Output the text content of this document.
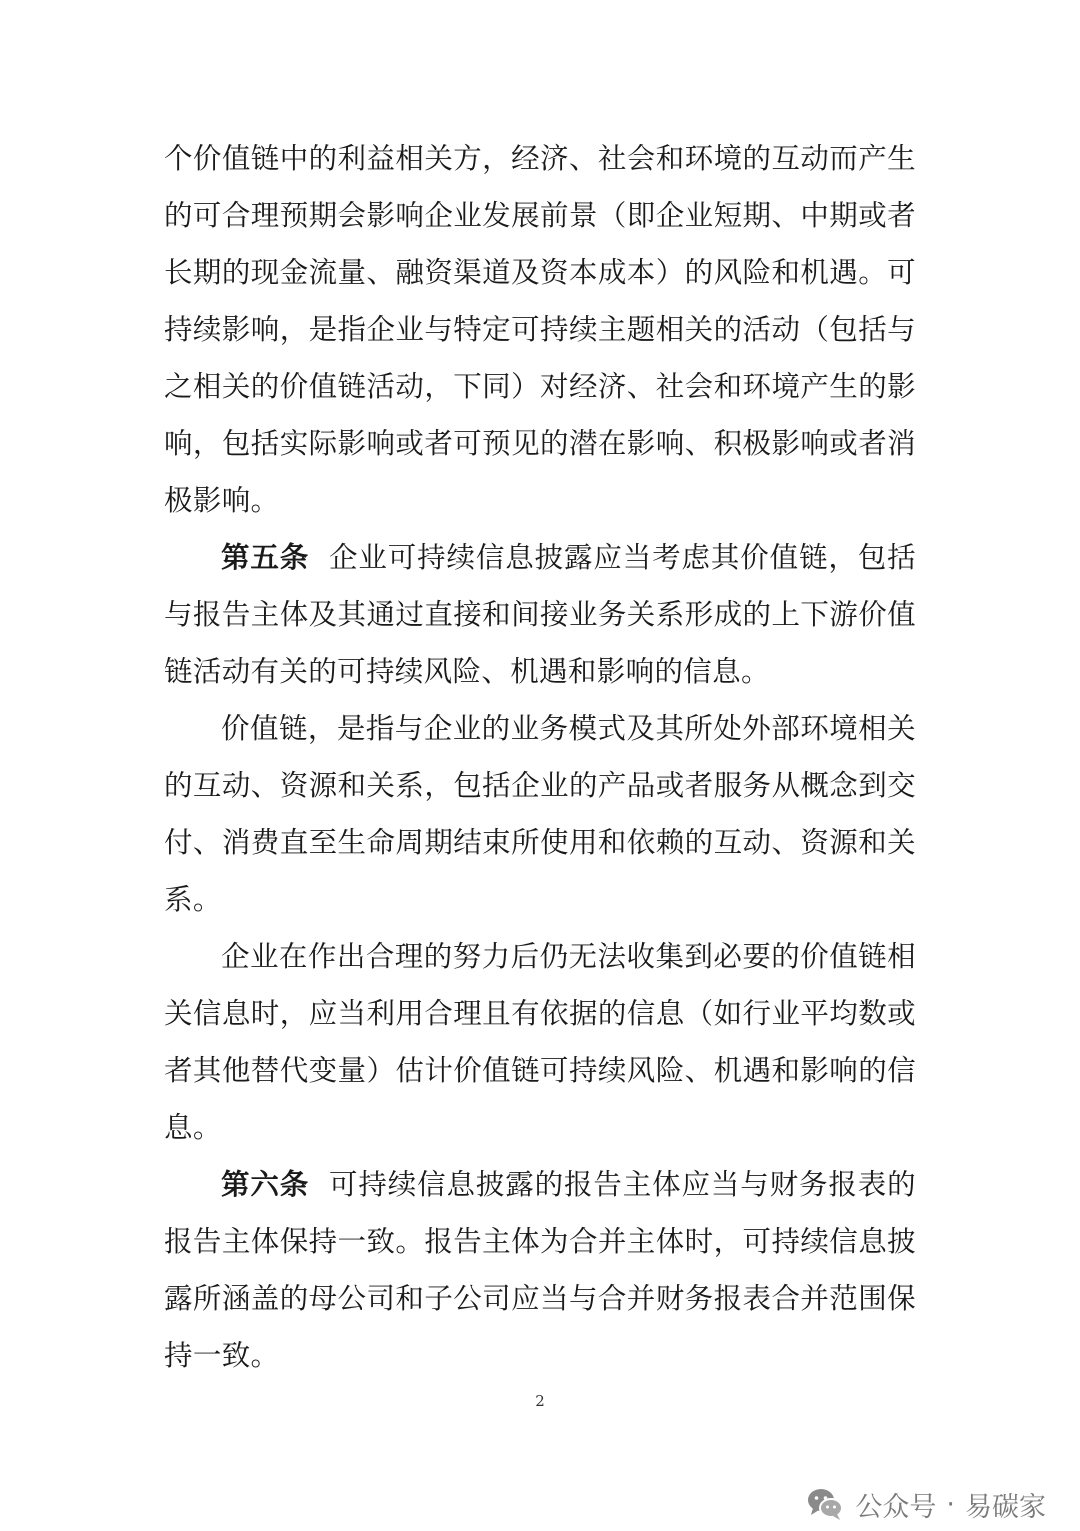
个价值链中的利益相关方，经济、社会和环境的互动而产生的可合理预期会影响企业发展前景（即企业短期、中期或者长期的现金流量、融资渠道及资本成本）的风险和机遇。可持续影响，是指企业与特定可持续主题相关的活动（包括与之相关的价值链活动，下同）对经济、社会和环境产生的影响，包括实际影响或者可预见的潜在影响、积极影响或者消极影响。

第五条 企业可持续信息披露应当考虑其价值链，包括与报告主体及其通过直接和间接业务关系形成的上下游价值链活动有关的可持续风险、机遇和影响的信息。

价值链，是指与企业的业务模式及其所处外部环境相关的互动、资源和关系，包括企业的产品或者服务从概念到交付、消费直至生命周期结束所使用和依赖的互动、资源和关系。

企业在作出合理的努力后仍无法收集到必要的价值链相关信息时，应当利用合理且有依据的信息（如行业平均数或者其他替代变量）估计价值链可持续风险、机遇和影响的信息。

第六条 可持续信息披露的报告主体应当与财务报表的报告主体保持一致。报告主体为合并主体时，可持续信息披露所涵盖的母公司和子公司应当与合并财务报表合并范围保持一致。

2
公众号 · 易碳家
